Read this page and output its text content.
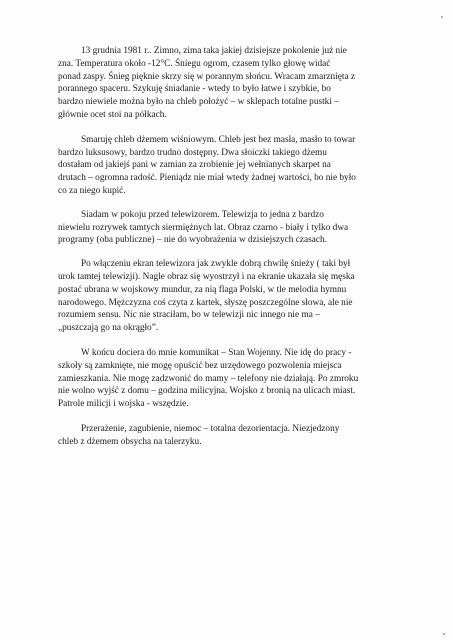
13 grudnia 1981 r.. Zimno, zima taka jakiej dzisiejsze pokolenie już nie
zna. Temperatura około -12°C. Śniegu ogrom, czasem tylko głowę widać
ponad zaspy. Śnieg pięknie skrzy się w porannym słońcu. Wracam zmarznięta z
porannego spaceru. Szykuję śniadanie - wtedy to było łatwe i szybkie, bo
bardzo niewiele można było na chleb położyć – w sklepach totalne pustki –
głównie ocet stoi na półkach.
Smaruję chleb dżemem wiśniowym. Chleb jest bez masła, masło to towar
bardzo luksusowy, bardzo trudno dostępny. Dwa słoiczki takiego dżemu
dostałam od jakiejś pani w zamian za zrobienie jej wełnianych skarpet na
drutach – ogromna radość. Pieniądz nie miał wtedy żadnej wartości, bo nie było
co za niego kupić.
Siadam w pokoju przed telewizorem. Telewizja to jedna z bardzo
niewielu rozrywek tamtych siermiężnych lat. Obraz czarno - biały i tylko dwa
programy (oba publiczne) – nie do wyobrażenia w dzisiejszych czasach.
Po włączeniu ekran telewizora jak zwykle dobrą chwilę śnieży ( taki był
urok tamtej telewizji). Nagle obraz się wyostrzył i na ekranie ukazała się męska
postać ubrana w wojskowy mundur, za nią flaga Polski, w tle melodia hymnu
narodowego. Mężczyzna coś czyta z kartek, słyszę poszczególne słowa, ale nie
rozumiem sensu. Nic nie straciłam, bo w telewizji nic innego nie ma –
„puszczają go na okrągło”.
W końcu dociera do mnie komunikat – Stan Wojenny. Nie idę do pracy -
szkoły są zamknięte, nie mogę opuścić bez urzędowego pozwolenia miejsca
zamieszkania. Nie mogę zadzwonić do mamy – telefony nie działają. Po zmroku
nie wolno wyjść z domu – godzina milicyjna. Wojsko z bronią na ulicach miast.
Patrole milicji i wojska - wszędzie.
Przerażenie, zagubienie, niemoc – totalna dezorientacja. Niezjedzony
chleb z dżemem obsycha na talerzyku.
